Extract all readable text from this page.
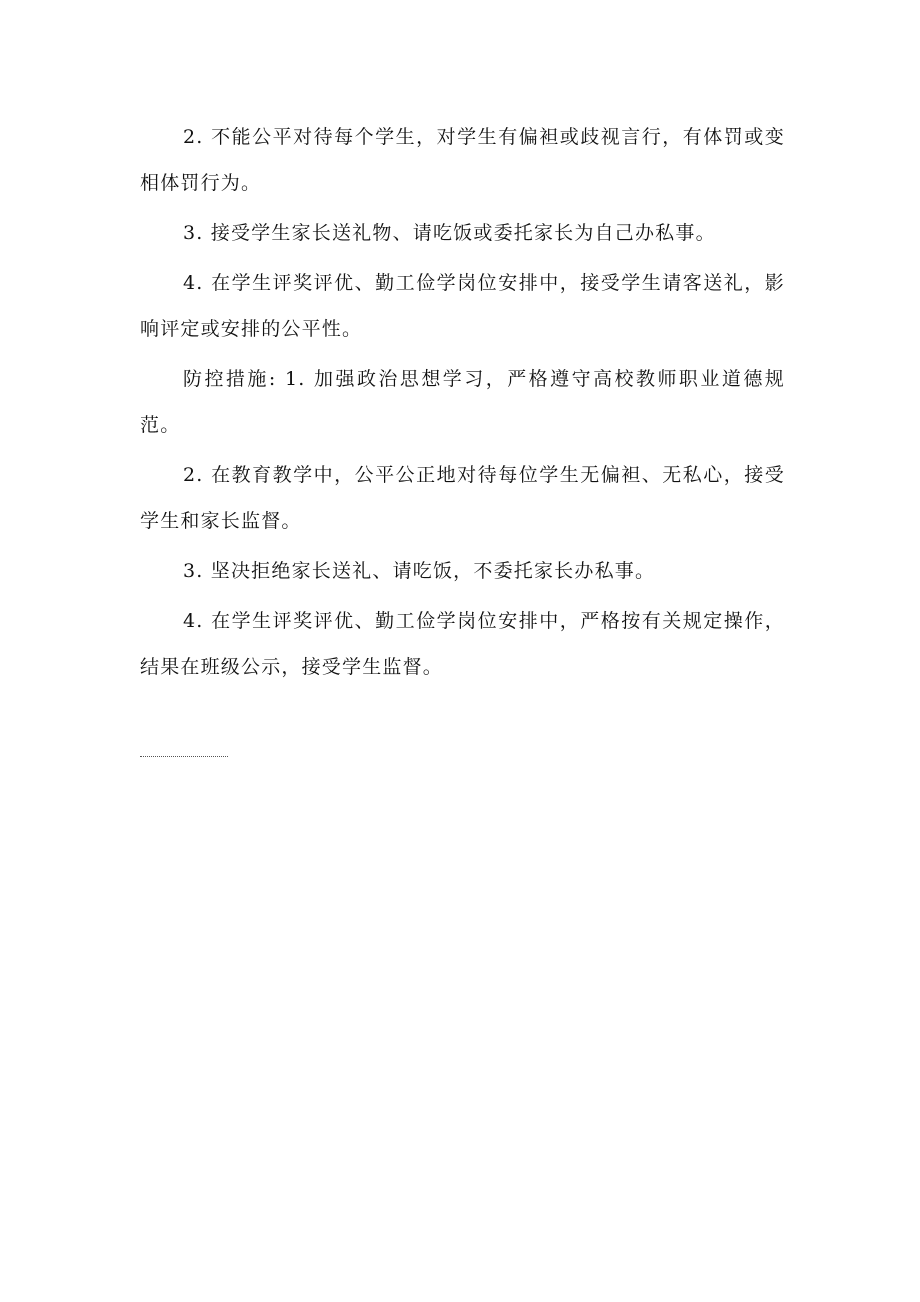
2. 不能公平对待每个学生，对学生有偏袒或歧视言行，有体罚或变相体罚行为。

3. 接受学生家长送礼物、请吃饭或委托家长为自己办私事。

4. 在学生评奖评优、勤工俭学岗位安排中，接受学生请客送礼，影响评定或安排的公平性。

防控措施: 1. 加强政治思想学习，严格遵守高校教师职业道德规范。

2. 在教育教学中，公平公正地对待每位学生无偏袒、无私心，接受学生和家长监督。

3. 坚决拒绝家长送礼、请吃饭，不委托家长办私事。

4. 在学生评奖评优、勤工俭学岗位安排中，严格按有关规定操作，结果在班级公示，接受学生监督。
